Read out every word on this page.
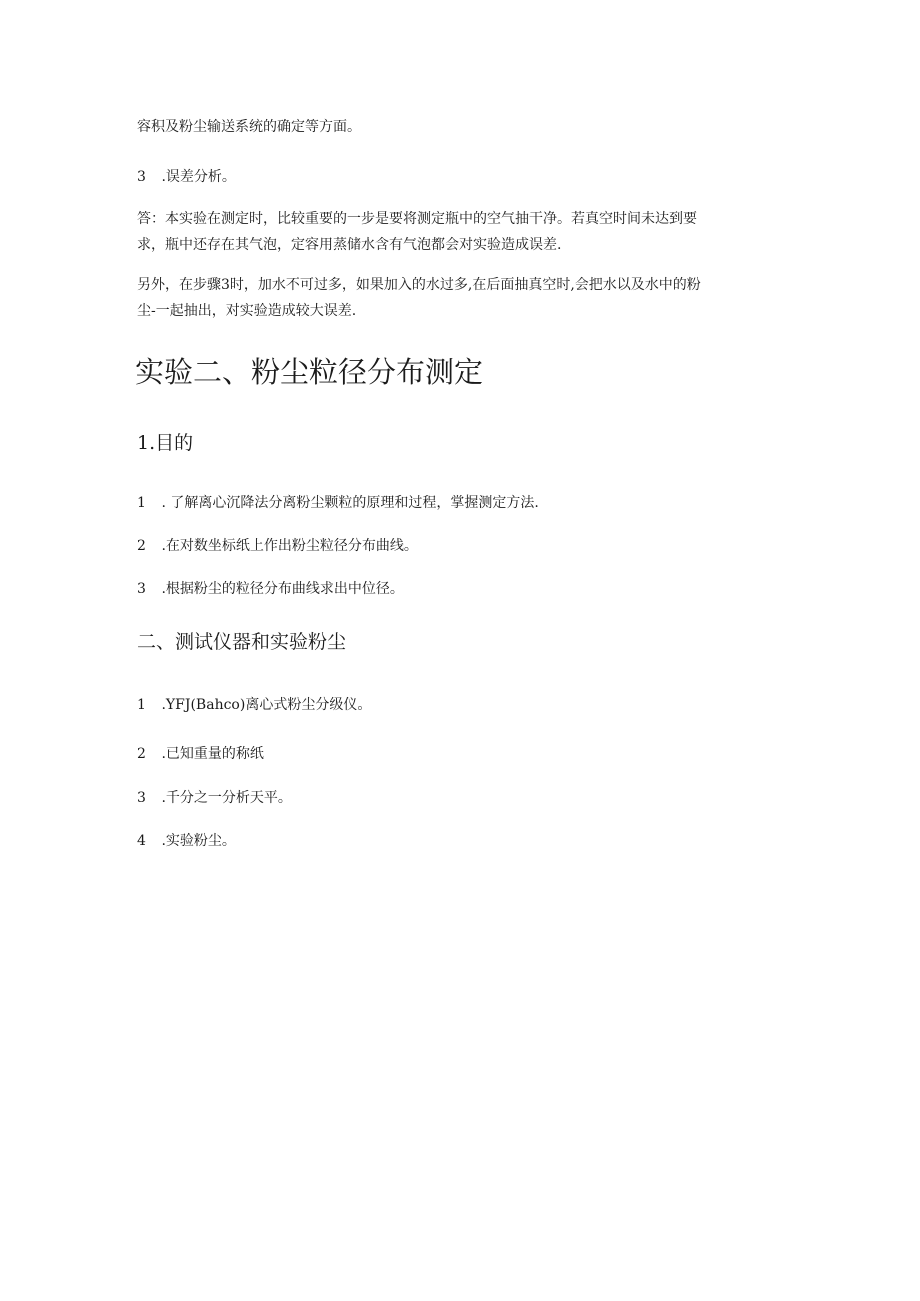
容积及粉尘输送系统的确定等方面。

3 .误差分析。

答：本实验在测定时，比较重要的一步是要将测定瓶中的空气抽干净。若真空时间未达到要
求，瓶中还存在其气泡，定容用蒸储水含有气泡都会对实验造成误差.
另外，在步骤3时，加水不可过多，如果加入的水过多,在后面抽真空时,会把水以及水中的粉
尘-一起抽出，对实验造成较大误差.
实验二、粉尘粒径分布测定
1.目的

1 . 了解离心沉降法分离粉尘颗粒的原理和过程，掌握测定方法.

2 .在对数坐标纸上作出粉尘粒径分布曲线。

3 .根据粉尘的粒径分布曲线求出中位径。

二、测试仪器和实验粉尘

1 .YFJ(Bahco)离心式粉尘分级仪。

2 .已知重量的称纸

3 .千分之一分析天平。

4 .实验粉尘。
